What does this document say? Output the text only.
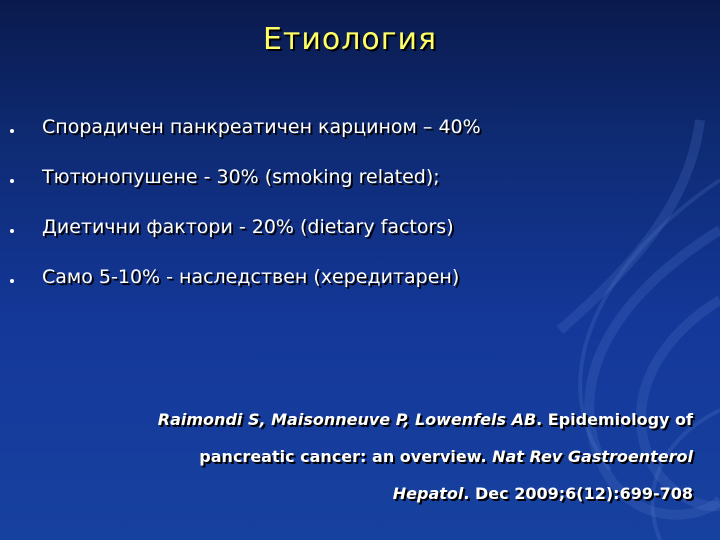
Етиология
Спорадичен панкреатичен карцином – 40%
Тютюнопушене - 30% (smoking related);
Диетични фактори - 20% (dietary factors)
Само 5-10% - наследствен (хередитарен)
Raimondi S, Maisonneuve P, Lowenfels AB. Epidemiology of
pancreatic cancer: an overview. Nat Rev Gastroenterol
Hepatol. Dec 2009;6(12):699-708
